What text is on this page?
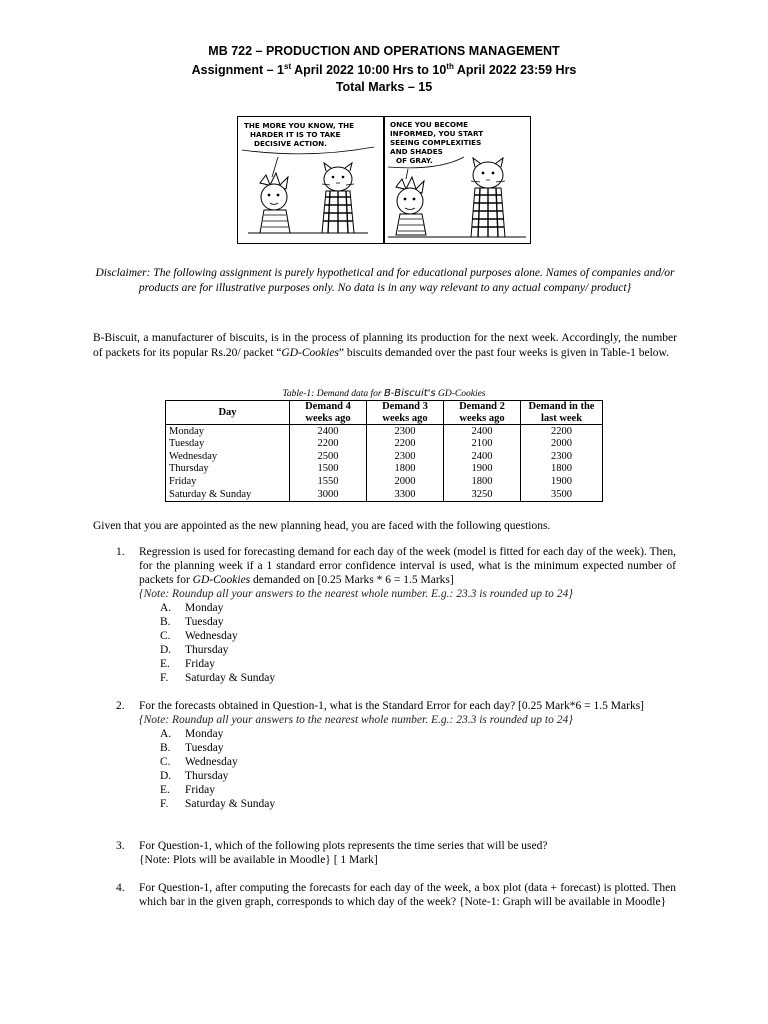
MB 722 – PRODUCTION AND OPERATIONS MANAGEMENT
Assignment – 1st April 2022 10:00 Hrs to 10th April 2022 23:59 Hrs
Total Marks – 15
THE MORE YOU KNOW, THE HARDER IT IS TO TAKE DECISIVE ACTION.
ONCE YOU BECOME INFORMED, YOU START SEEING COMPLEXITIES AND SHADES OF GRAY.
Disclaimer: The following assignment is purely hypothetical and for educational purposes alone. Names of companies and/or products are for illustrative purposes only. No data is in any way relevant to any actual company/ product}
B-Biscuit, a manufacturer of biscuits, is in the process of planning its production for the next week. Accordingly, the number of packets for its popular Rs.20/ packet “GD-Cookies” biscuits demanded over the past four weeks is given in Table-1 below.
Table-1: Demand data for B-Biscuit's GD-Cookies
Day	Demand 4 weeks ago	Demand 3 weeks ago	Demand 2 weeks ago	Demand in the last week
Monday	2400	2300	2400	2200
Tuesday	2200	2200	2100	2000
Wednesday	2500	2300	2400	2300
Thursday	1500	1800	1900	1800
Friday	1550	2000	1800	1900
Saturday & Sunday	3000	3300	3250	3500
Given that you are appointed as the new planning head, you are faced with the following questions.
1. Regression is used for forecasting demand for each day of the week (model is fitted for each day of the week). Then, for the planning week if a 1 standard error confidence interval is used, what is the minimum expected number of packets for GD-Cookies demanded on [0.25 Marks * 6 = 1.5 Marks]
{Note: Roundup all your answers to the nearest whole number. E.g.: 23.3 is rounded up to 24}
A.	Monday
B.	Tuesday
C.	Wednesday
D.	Thursday
E.	Friday
F.	Saturday & Sunday
2. For the forecasts obtained in Question-1, what is the Standard Error for each day? [0.25 Mark*6 = 1.5 Marks]
{Note: Roundup all your answers to the nearest whole number. E.g.: 23.3 is rounded up to 24}
A.	Monday
B.	Tuesday
C.	Wednesday
D.	Thursday
E.	Friday
F.	Saturday & Sunday
3. For Question-1, which of the following plots represents the time series that will be used?
{Note: Plots will be available in Moodle} [ 1 Mark]
4. For Question-1, after computing the forecasts for each day of the week, a box plot (data + forecast) is plotted. Then which bar in the given graph, corresponds to which day of the week? {Note-1: Graph will be available in Moodle}
